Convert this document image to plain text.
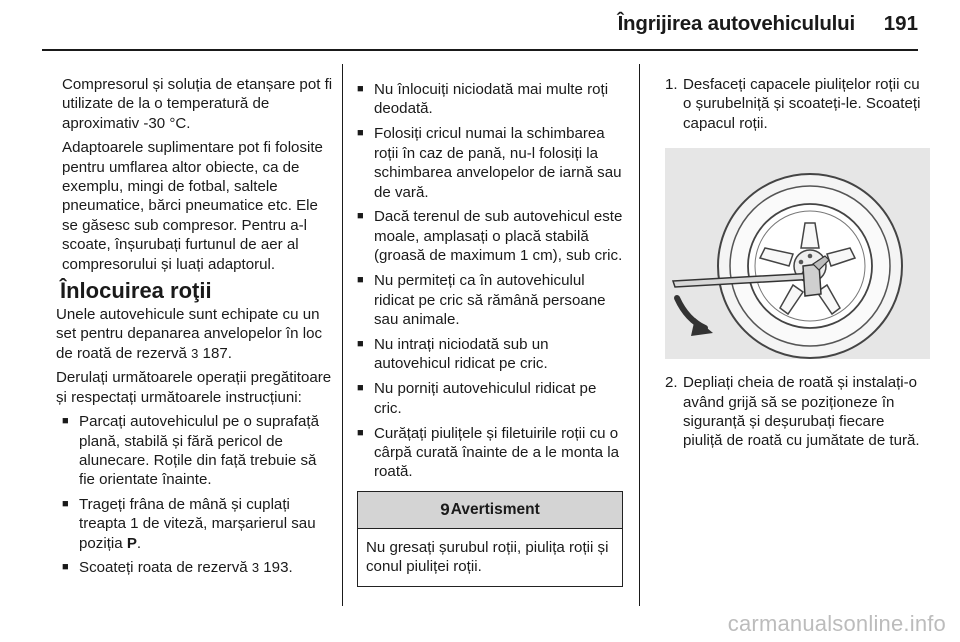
Îngrijirea autovehiculului 191

Compresorul și soluția de etanșare pot fi utilizate de la o temperatură de aproximativ -30 °C.

Adaptoarele suplimentare pot fi folosite pentru umflarea altor obiecte, ca de exemplu, mingi de fotbal, saltele pneumatice, bărci pneumatice etc. Ele se găsesc sub compresor. Pentru a-l scoate, înșurubați furtunul de aer al compresorului și luați adaptorul.

Înlocuirea roţii

Unele autovehicule sunt echipate cu un set pentru depanarea anvelopelor în loc de roată de rezervă 3 187.

Derulați următoarele operații pregătitoare și respectați următoarele instrucțiuni:

■ Parcați autovehiculul pe o suprafață plană, stabilă și fără pericol de alunecare. Roțile din față trebuie să fie orientate înainte.
■ Trageți frâna de mână și cuplați treapta 1 de viteză, marșarierul sau poziția P.
■ Scoateți roata de rezervă 3 193.
■ Nu înlocuiți niciodată mai multe roți deodată.
■ Folosiți cricul numai la schimbarea roții în caz de pană, nu-l folosiți la schimbarea anvelopelor de iarnă sau de vară.
■ Dacă terenul de sub autovehicul este moale, amplasați o placă stabilă (groasă de maximum 1 cm), sub cric.
■ Nu permiteți ca în autovehiculul ridicat pe cric să rămână persoane sau animale.
■ Nu intrați niciodată sub un autovehicul ridicat pe cric.
■ Nu porniți autovehiculul ridicat pe cric.
■ Curățați piulițele și filetuirile roții cu o cârpă curată înainte de a le monta la roată.
9 Avertisment
Nu gresați șurubul roții, piulița roții și conul piuliței roții.
1. Desfaceți capacele piulițelor roții cu o șurubelniță și scoateți-le. Scoateți capacul roții.
2. Depliați cheia de roată și instalați-o având grijă să se poziționeze în siguranță și deșurubați fiecare piuliță de roată cu jumătate de tură.
carmanualsonline.info
